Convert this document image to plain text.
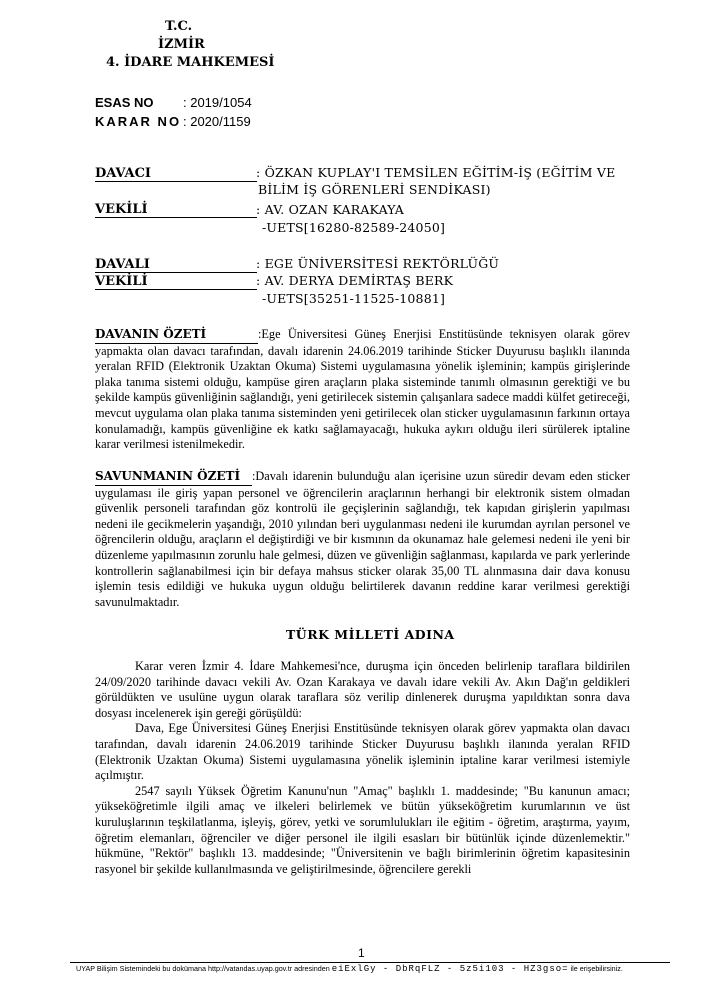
T.C.
İZMİR
4. İDARE MAHKEMESİ
ESAS NO : 2019/1054
KARAR NO : 2020/1159
DAVACI	: ÖZKAN KUPLAY'I TEMSİLEN EĞİTİM-İŞ (EĞİTİM VE
BİLİM İŞ GÖRENLERİ SENDİKASI)
VEKİLİ	: AV. OZAN KARAKAYA
-UETS[16280-82589-24050]
DAVALI	: EGE ÜNİVERSİTESİ REKTÖRLÜĞÜ
VEKİLİ	: AV. DERYA DEMİRTAŞ BERK
-UETS[35251-11525-10881]
DAVANIN ÖZETİ	:Ege Üniversitesi Güneş Enerjisi Enstitüsünde teknisyen olarak görev yapmakta olan davacı tarafından, davalı idarenin 24.06.2019 tarihinde Sticker Duyurusu başlıklı ilanında yeralan RFID (Elektronik Uzaktan Okuma) Sistemi uygulamasına yönelik işleminin; kampüs girişlerinde plaka tanıma sistemi olduğu, kampüse giren araçların plaka sisteminde tanımlı olmasının gerektiği ve bu şekilde kampüs güvenliğinin sağlandığı, yeni getirilecek sistemin çalışanlara sadece maddi külfet getireceği, mevcut uygulama olan plaka tanıma sisteminden yeni getirilecek olan sticker uygulamasının farkının ortaya konulamadığı, kampüs güvenliğine ek katkı sağlamayacağı, hukuka aykırı olduğu ileri sürülerek iptaline karar verilmesi istenilmekedir.
SAVUNMANIN ÖZETİ :Davalı idarenin bulunduğu alan içerisine uzun süredir devam eden sticker uygulaması ile giriş yapan personel ve öğrencilerin araçlarının herhangi bir elektronik sistem olmadan güvenlik personeli tarafından göz kontrolü ile geçişlerinin sağlandığı, tek kapıdan girişlerin yapılması nedeni ile gecikmelerin yaşandığı, 2010 yılından beri uygulanması nedeni ile kurumdan ayrılan personel ve öğrencilerin olduğu, araçların el değiştirdiği ve bir kısmının da okunamaz hale gelemesi nedeni ile yeni bir düzenleme yapılmasının zorunlu hale gelmesi, düzen ve güvenliğin sağlanması, kapılarda ve park yerlerinde kontrollerin sağlanabilmesi için bir defaya mahsus sticker olarak 35,00 TL alınmasına dair dava konusu işlemin tesis edildiği ve hukuka uygun olduğu belirtilerek davanın reddine karar verilmesi gerektiği savunulmaktadır.
TÜRK MİLLETİ ADINA

Karar veren İzmir 4. İdare Mahkemesi'nce, duruşma için önceden belirlenip taraflara bildirilen 24/09/2020 tarihinde davacı vekili Av. Ozan Karakaya ve davalı idare vekili Av. Akın Dağ'ın geldikleri görüldükten ve usulüne uygun olarak taraflara söz verilip dinlenerek duruşma yapıldıktan sonra dava dosyası incelenerek işin gereği görüşüldü:

Dava, Ege Üniversitesi Güneş Enerjisi Enstitüsünde teknisyen olarak görev yapmakta olan davacı tarafından, davalı idarenin 24.06.2019 tarihinde Sticker Duyurusu başlıklı ilanında yeralan RFID (Elektronik Uzaktan Okuma) Sistemi uygulamasına yönelik işleminin iptaline karar verilmesi istemiyle açılmıştır.

2547 sayılı Yüksek Öğretim Kanunu'nun "Amaç" başlıklı 1. maddesinde; "Bu kanunun amacı; yükseköğretimle ilgili amaç ve ilkeleri belirlemek ve bütün yükseköğretim kurumlarının ve üst kuruluşlarının teşkilatlanma, işleyiş, görev, yetki ve sorumlulukları ile eğitim - öğretim, araştırma, yayım, öğretim elemanları, öğrenciler ve diğer personel ile ilgili esasları bir bütünlük içinde düzenlemektir." hükmüne, "Rektör" başlıklı 13. maddesinde; "Üniversitenin ve bağlı birimlerinin öğretim kapasitesinin rasyonel bir şekilde kullanılmasında ve geliştirilmesinde, öğrencilere gerekli

1
UYAP Bilişim Sistemindeki bu dokümana http://vatandas.uyap.gov.tr adresinden eiExlGy - DbRqFLZ - 5z5i103 - HZ3gso= ile erişebilirsiniz.
